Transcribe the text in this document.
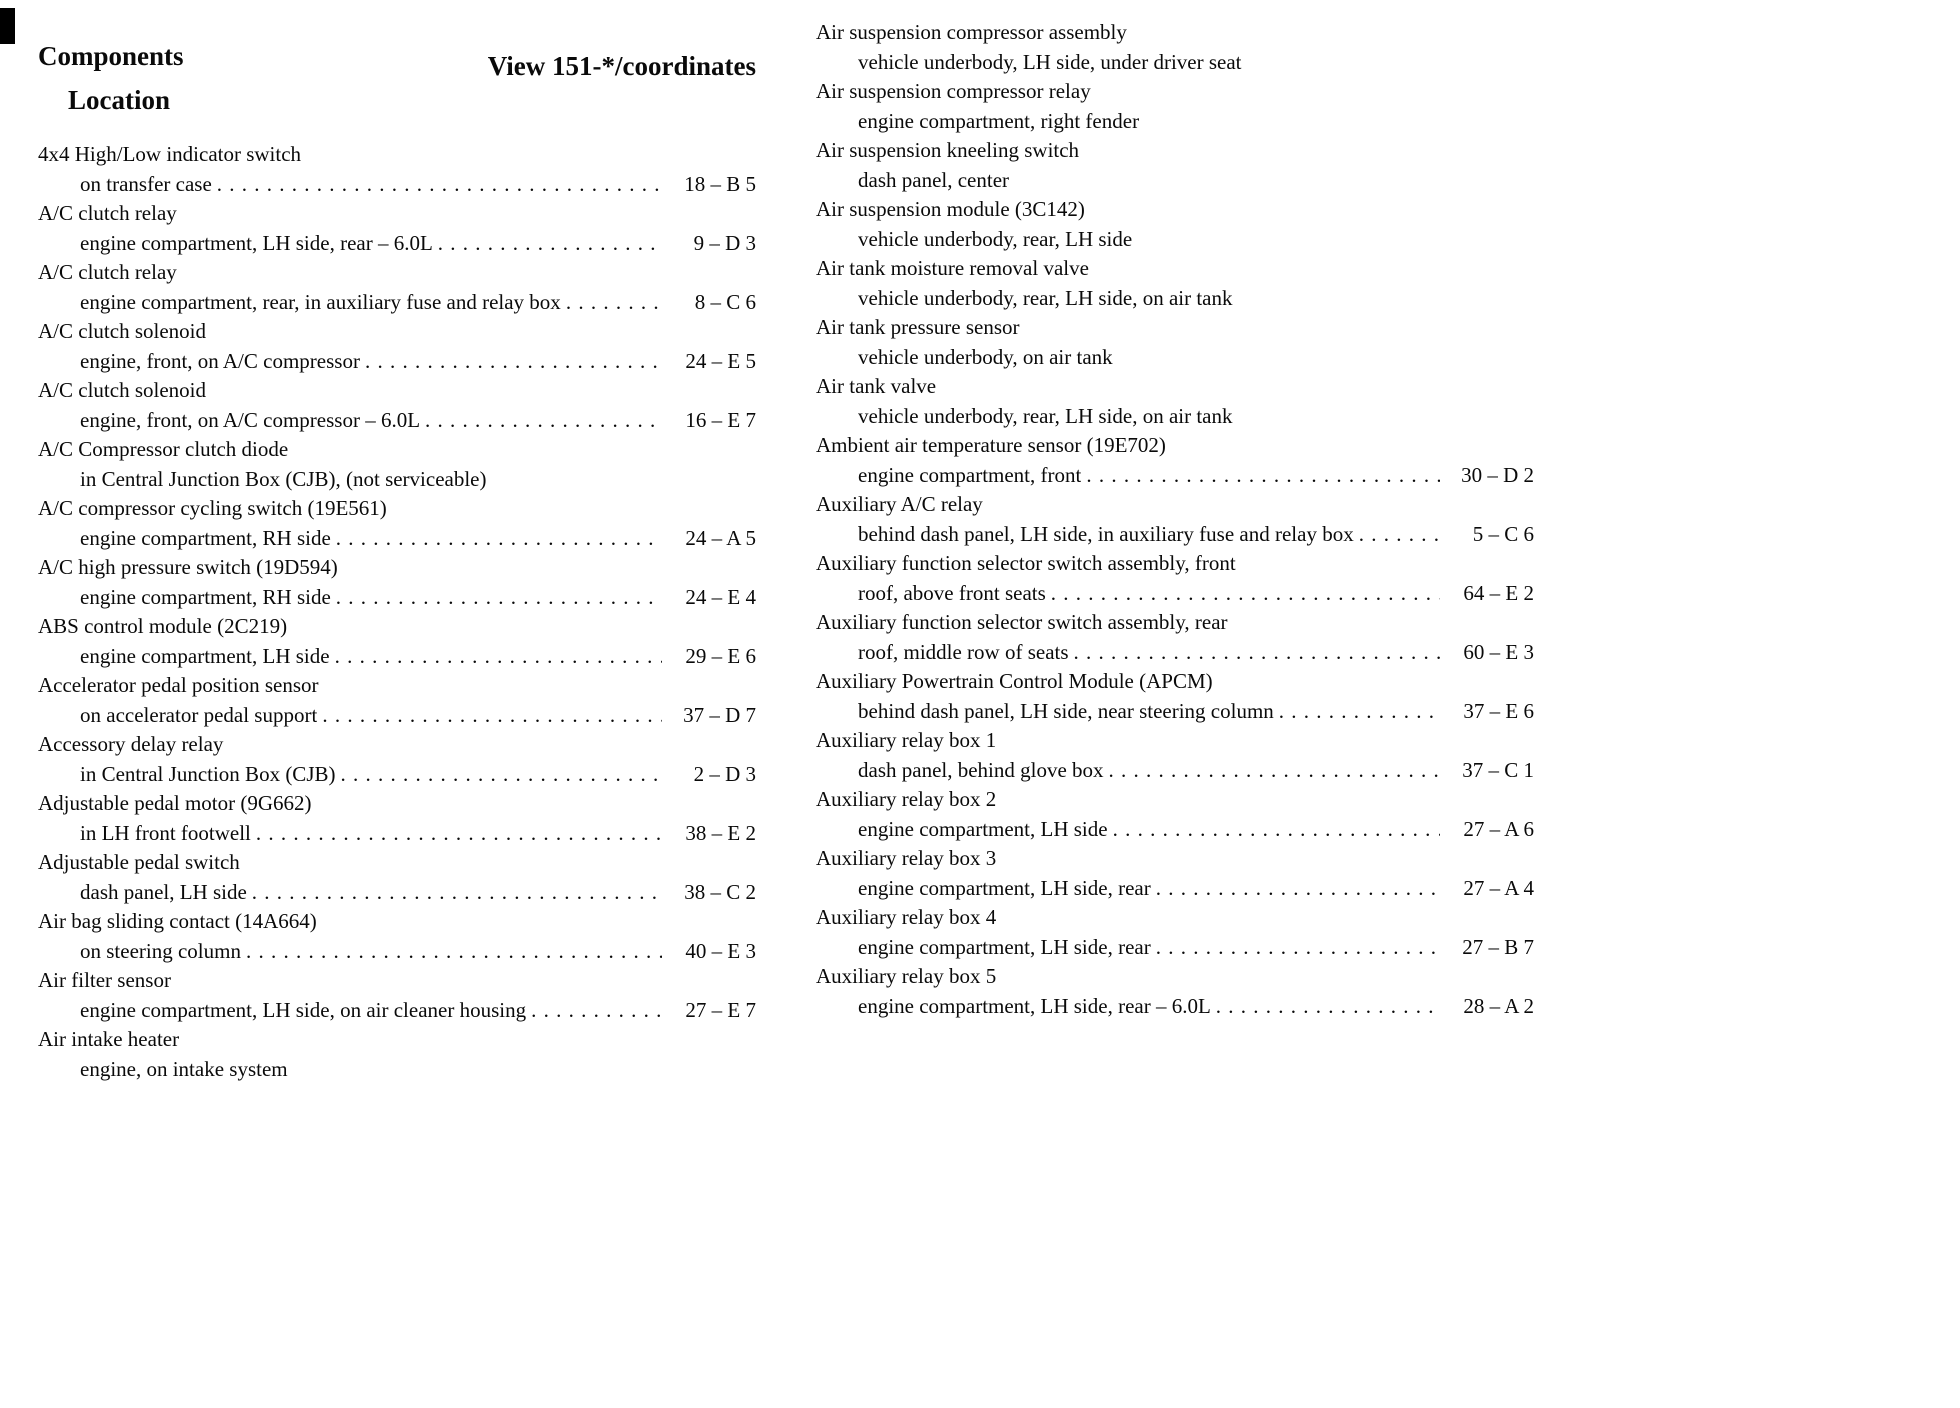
Components
Location
View 151-*/coordinates
4x4 High/Low indicator switch
on transfer case . . .	18 – B 5
A/C clutch relay
engine compartment, LH side, rear – 6.0L . . .	9 – D 3
A/C clutch relay
engine compartment, rear, in auxiliary fuse and relay box . . .	8 – C 6
A/C clutch solenoid
engine, front, on A/C compressor . . .	24 – E 5
A/C clutch solenoid
engine, front, on A/C compressor – 6.0L . . .	16 – E 7
A/C Compressor clutch diode
in Central Junction Box (CJB), (not serviceable)
A/C compressor cycling switch (19E561)
engine compartment, RH side . . .	24 – A 5
A/C high pressure switch (19D594)
engine compartment, RH side . . .	24 – E 4
ABS control module (2C219)
engine compartment, LH side . . .	29 – E 6
Accelerator pedal position sensor
on accelerator pedal support . . .	37 – D 7
Accessory delay relay
in Central Junction Box (CJB) . . .	2 – D 3
Adjustable pedal motor (9G662)
in LH front footwell . . .	38 – E 2
Adjustable pedal switch
dash panel, LH side . . .	38 – C 2
Air bag sliding contact (14A664)
on steering column . . .	40 – E 3
Air filter sensor
engine compartment, LH side, on air cleaner housing . . .	27 – E 7
Air intake heater
engine, on intake system
Air suspension compressor assembly
vehicle underbody, LH side, under driver seat
Air suspension compressor relay
engine compartment, right fender
Air suspension kneeling switch
dash panel, center
Air suspension module (3C142)
vehicle underbody, rear, LH side
Air tank moisture removal valve
vehicle underbody, rear, LH side, on air tank
Air tank pressure sensor
vehicle underbody, on air tank
Air tank valve
vehicle underbody, rear, LH side, on air tank
Ambient air temperature sensor (19E702)
engine compartment, front . . .	30 – D 2
Auxiliary A/C relay
behind dash panel, LH side, in auxiliary fuse and relay box . . .	5 – C 6
Auxiliary function selector switch assembly, front
roof, above front seats . . .	64 – E 2
Auxiliary function selector switch assembly, rear
roof, middle row of seats . . .	60 – E 3
Auxiliary Powertrain Control Module (APCM)
behind dash panel, LH side, near steering column . . .	37 – E 6
Auxiliary relay box 1
dash panel, behind glove box . . .	37 – C 1
Auxiliary relay box 2
engine compartment, LH side . . .	27 – A 6
Auxiliary relay box 3
engine compartment, LH side, rear . . .	27 – A 4
Auxiliary relay box 4
engine compartment, LH side, rear . . .	27 – B 7
Auxiliary relay box 5
engine compartment, LH side, rear – 6.0L . . .	28 – A 2
